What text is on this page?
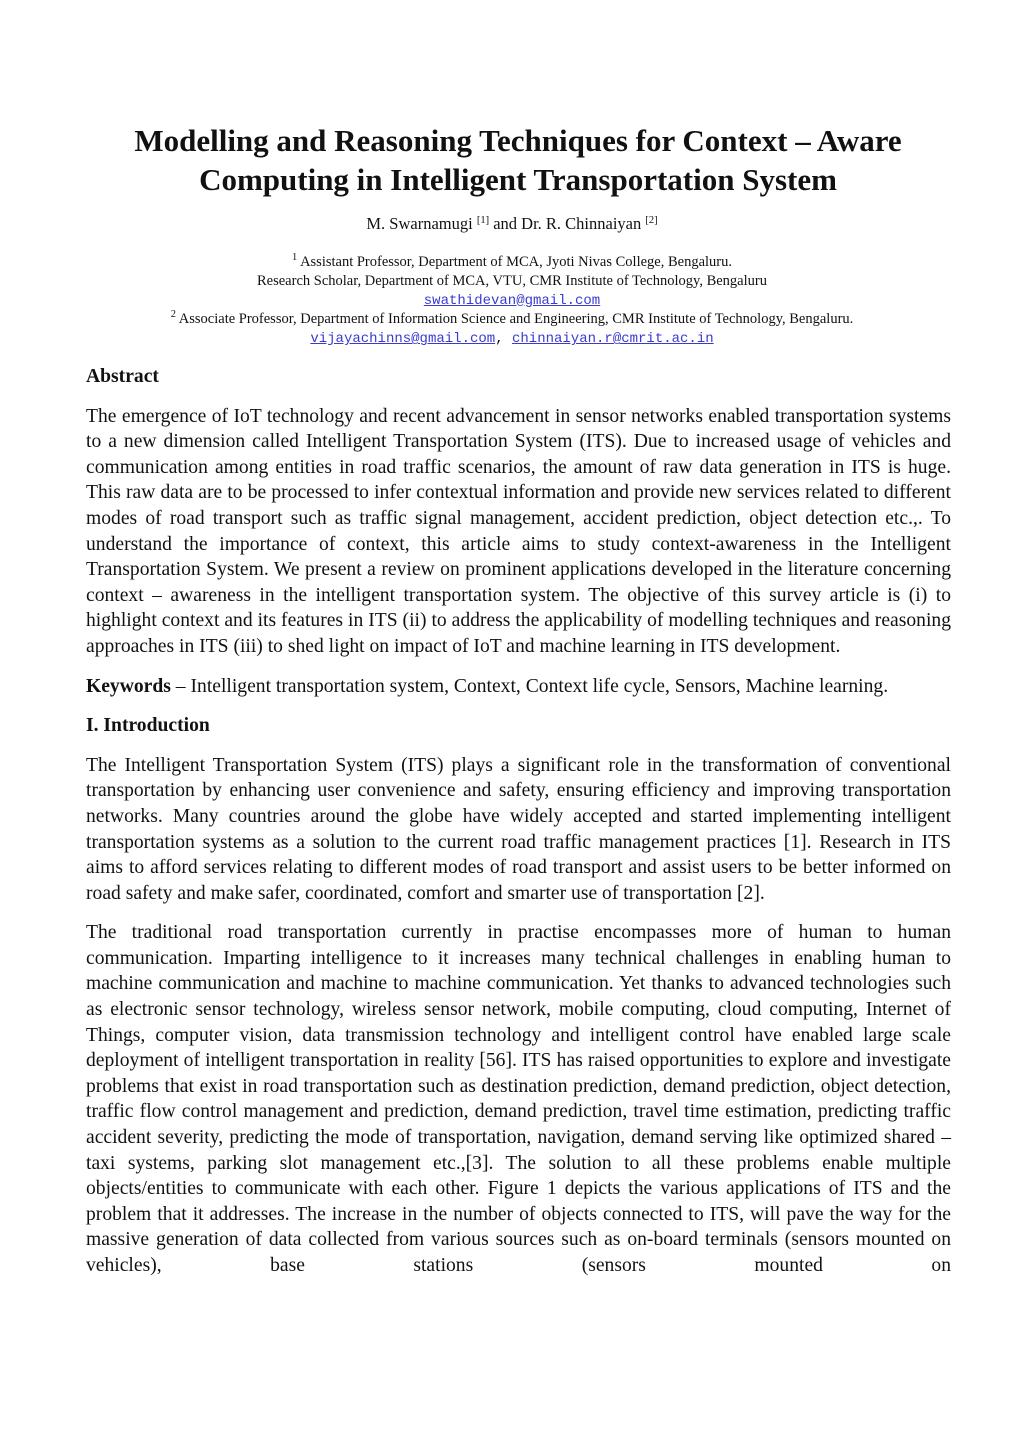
Modelling and Reasoning Techniques for Context – Aware
Computing in Intelligent Transportation System
M. Swarnamugi [1] and Dr. R. Chinnaiyan [2]
$^1$ Assistant Professor, Department of MCA, Jyoti Nivas College, Bengaluru.
Research Scholar, Department of MCA, VTU, CMR Institute of Technology, Bengaluru
swathidevan@gmail.com
$^2$ Associate Professor, Department of Information Science and Engineering, CMR Institute of Technology, Bengaluru.
vijayachinns@gmail.com, chinnaiyan.r@cmrit.ac.in
Abstract

The emergence of IoT technology and recent advancement in sensor networks enabled transportation systems to a new dimension called Intelligent Transportation System (ITS). Due to increased usage of vehicles and communication among entities in road traffic scenarios, the amount of raw data generation in ITS is huge. This raw data are to be processed to infer contextual information and provide new services related to different modes of road transport such as traffic signal management, accident prediction, object detection etc.,. To understand the importance of context, this article aims to study context-awareness in the Intelligent Transportation System. We present a review on prominent applications developed in the literature concerning context – awareness in the intelligent transportation system. The objective of this survey article is (i) to highlight context and its features in ITS (ii) to address the applicability of modelling techniques and reasoning approaches in ITS (iii) to shed light on impact of IoT and machine learning in ITS development.

Keywords – Intelligent transportation system, Context, Context life cycle, Sensors, Machine learning.

I. Introduction

The Intelligent Transportation System (ITS) plays a significant role in the transformation of conventional transportation by enhancing user convenience and safety, ensuring efficiency and improving transportation networks. Many countries around the globe have widely accepted and started implementing intelligent transportation systems as a solution to the current road traffic management practices [1]. Research in ITS aims to afford services relating to different modes of road transport and assist users to be better informed on road safety and make safer, coordinated, comfort and smarter use of transportation [2].

The traditional road transportation currently in practise encompasses more of human to human communication. Imparting intelligence to it increases many technical challenges in enabling human to machine communication and machine to machine communication. Yet thanks to advanced technologies such as electronic sensor technology, wireless sensor network, mobile computing, cloud computing, Internet of Things, computer vision, data transmission technology and intelligent control have enabled large scale deployment of intelligent transportation in reality [56]. ITS has raised opportunities to explore and investigate problems that exist in road transportation such as destination prediction, demand prediction, object detection, traffic flow control management and prediction, demand prediction, travel time estimation, predicting traffic accident severity, predicting the mode of transportation, navigation, demand serving like optimized shared – taxi systems, parking slot management etc.,[3]. The solution to all these problems enable multiple objects/entities to communicate with each other. Figure 1 depicts the various applications of ITS and the problem that it addresses. The increase in the number of objects connected to ITS, will pave the way for the massive generation of data collected from various sources such as on-board terminals (sensors mounted on vehicles), base stations (sensors mounted on
